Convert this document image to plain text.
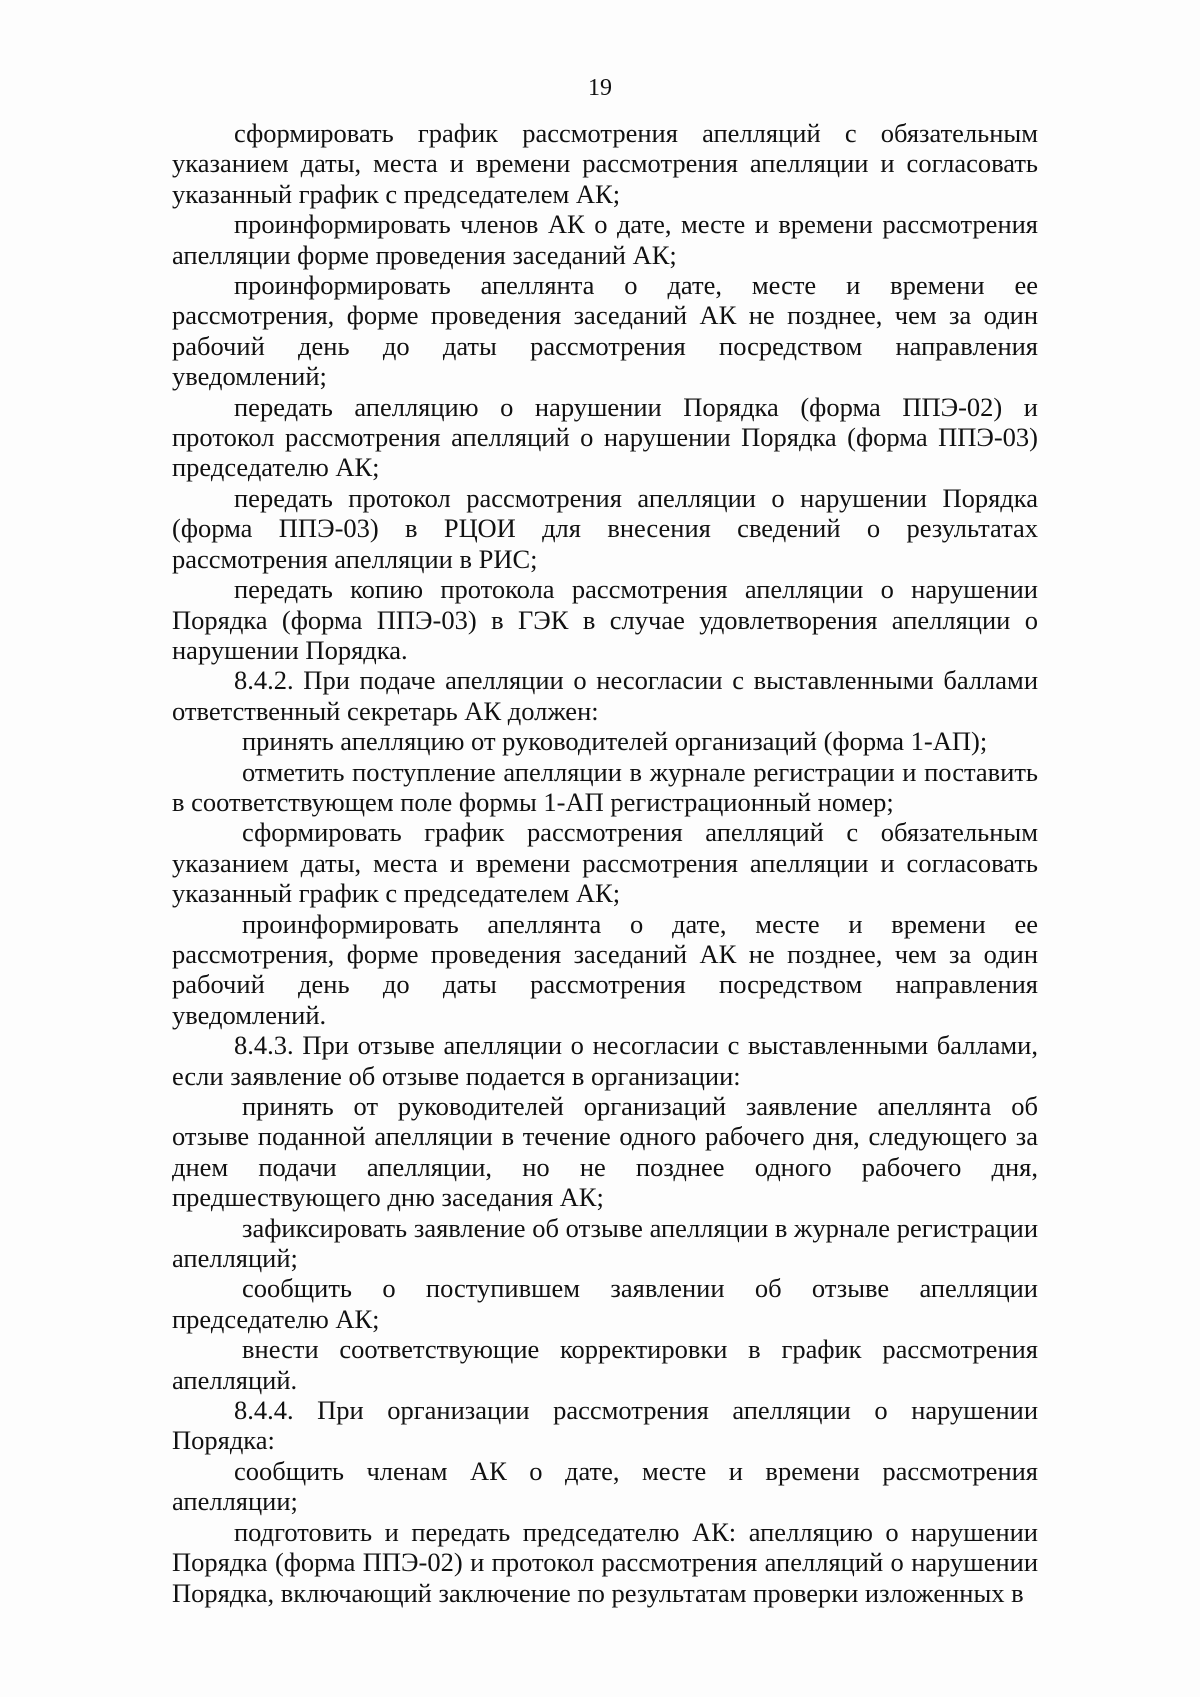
19

сформировать график рассмотрения апелляций с обязательным указанием даты, места и времени рассмотрения апелляции и согласовать указанный график с председателем АК;

проинформировать членов АК о дате, месте и времени рассмотрения апелляции форме проведения заседаний АК;

проинформировать апеллянта о дате, месте и времени ее рассмотрения, форме проведения заседаний АК не позднее, чем за один рабочий день до даты рассмотрения посредством направления уведомлений;

передать апелляцию о нарушении Порядка (форма ППЭ-02) и протокол рассмотрения апелляций о нарушении Порядка (форма ППЭ-03) председателю АК;

передать протокол рассмотрения апелляции о нарушении Порядка (форма ППЭ-03) в РЦОИ для внесения сведений о результатах рассмотрения апелляции в РИС;

передать копию протокола рассмотрения апелляции о нарушении Порядка (форма ППЭ-03) в ГЭК в случае удовлетворения апелляции о нарушении Порядка.

8.4.2. При подаче апелляции о несогласии с выставленными баллами ответственный секретарь АК должен:

принять апелляцию от руководителей организаций (форма 1-АП);

отметить поступление апелляции в журнале регистрации и поставить в соответствующем поле формы 1-АП регистрационный номер;

сформировать график рассмотрения апелляций с обязательным указанием даты, места и времени рассмотрения апелляции и согласовать указанный график с председателем АК;

проинформировать апеллянта о дате, месте и времени ее рассмотрения, форме проведения заседаний АК не позднее, чем за один рабочий день до даты рассмотрения посредством направления уведомлений.

8.4.3. При отзыве апелляции о несогласии с выставленными баллами, если заявление об отзыве подается в организации:

принять от руководителей организаций заявление апеллянта об отзыве поданной апелляции в течение одного рабочего дня, следующего за днем подачи апелляции, но не позднее одного рабочего дня, предшествующего дню заседания АК;

зафиксировать заявление об отзыве апелляции в журнале регистрации апелляций;

сообщить о поступившем заявлении об отзыве апелляции председателю АК;

внести соответствующие корректировки в график рассмотрения апелляций.

8.4.4. При организации рассмотрения апелляции о нарушении Порядка:

сообщить членам АК о дате, месте и времени рассмотрения апелляции;

подготовить и передать председателю АК: апелляцию о нарушении Порядка (форма ППЭ-02) и протокол рассмотрения апелляций о нарушении Порядка, включающий заключение по результатам проверки изложенных в
